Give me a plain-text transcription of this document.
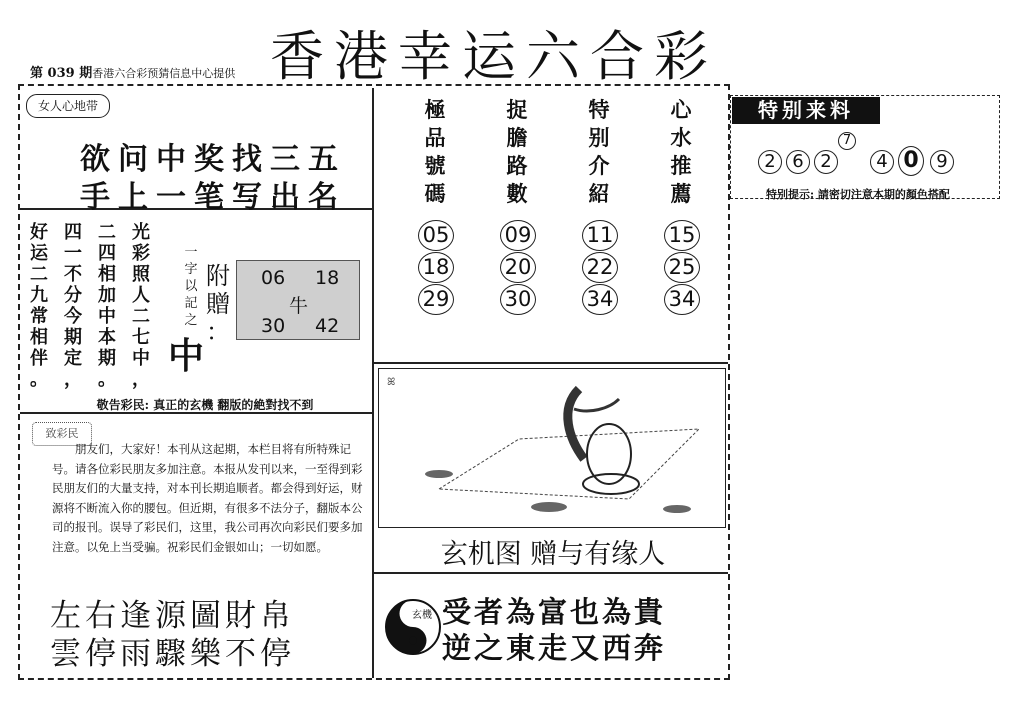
香港幸运六合彩
第 039 期香港六合彩预猜信息中心提供
女人心地带
欲问中奖找三五
手上一笔写出名
好
运
二
九
常
相
伴
。
四
一
不
分
今
期
定
，
二
四
相
加
中
本
期
。
光
彩
照
人
二
七
中
，
一
字
以
記
之
附
贈
：
中
06 18
牛
30 42
敬告彩民: 真正的玄機 翻版的絶對找不到
致彩民
朋友们，大家好！本刊从这起期，本栏目将有所特殊记号。请各位彩民朋友多加注意。本报从发刊以来，一至得到彩民朋友们的大量支持，对本刊长期追顺者。都会得到好运，财源将不断流入你的腰包。但近期，有很多不法分子，翻版本公司的报刊。误导了彩民们，这里，我公司再次向彩民们要多加注意。以免上当受骗。祝彩民们金银如山；一切如愿。
左右逢源圖財帛
雲停雨驟樂不停
極
品
號
碼
捉
膽
路
數
特
别
介
紹
心
水
推
薦
05
18
29
09
20
30
11
22
34
15
25
34
ꕤ
玄机图 赠与有缘人
玄機 受者為富也為貴
逆之東走又西奔
特别来料
2 6 2
7
4 0 9
特别提示: 請密切注意本期的顏色搭配
